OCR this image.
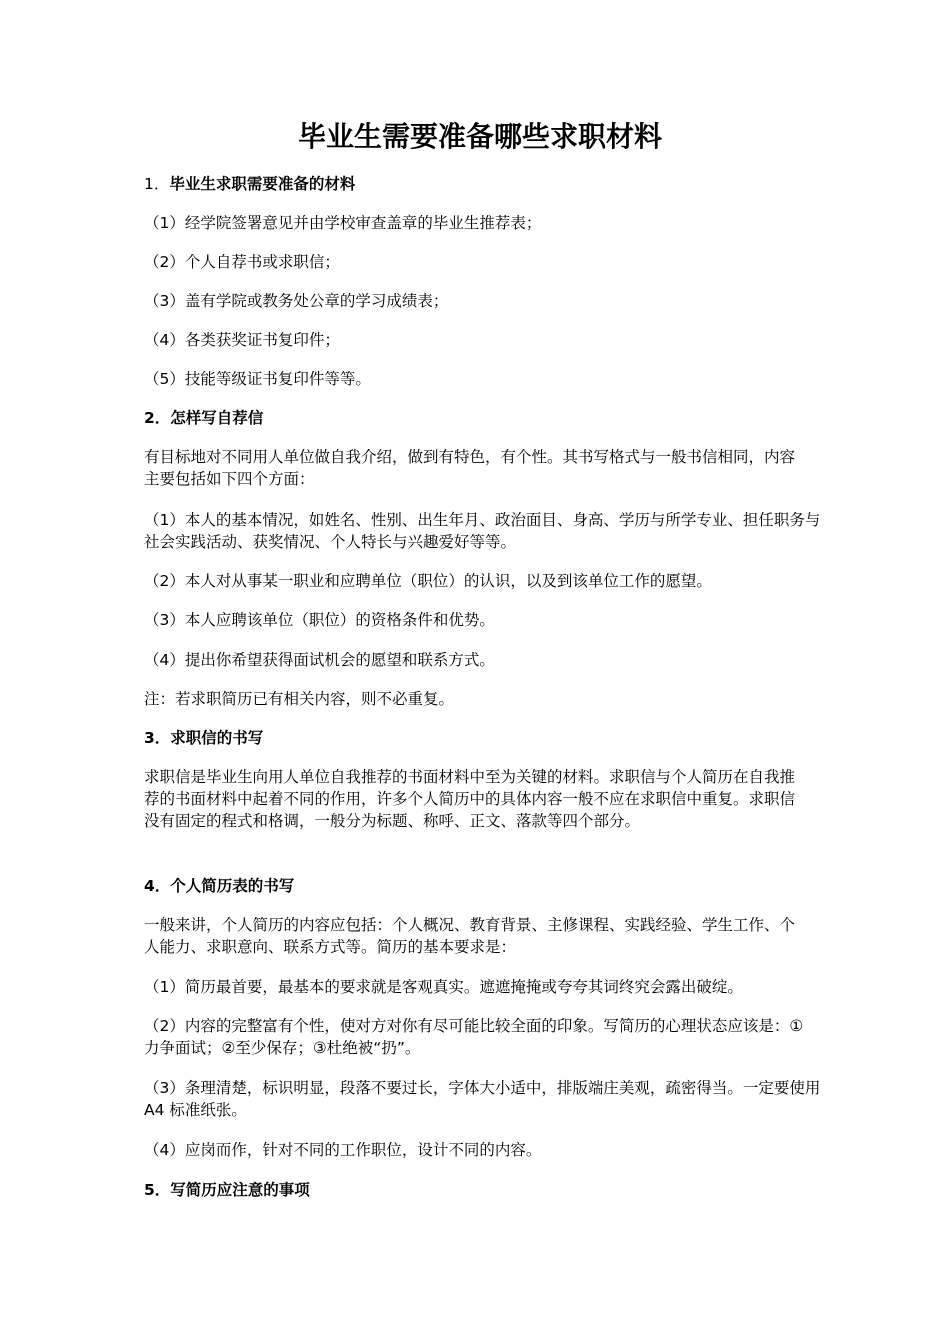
毕业生需要准备哪些求职材料

1．毕业生求职需要准备的材料

（1）经学院签署意见并由学校审查盖章的毕业生推荐表；

（2）个人自荐书或求职信；

（3）盖有学院或教务处公章的学习成绩表；

（4）各类获奖证书复印件；

（5）技能等级证书复印件等等。

2．怎样写自荐信

有目标地对不同用人单位做自我介绍，做到有特色，有个性。其书写格式与一般书信相同，内容主要包括如下四个方面：

（1）本人的基本情况，如姓名、性别、出生年月、政治面目、身高、学历与所学专业、担任职务与社会实践活动、获奖情况、个人特长与兴趣爱好等等。

（2）本人对从事某一职业和应聘单位（职位）的认识，以及到该单位工作的愿望。

（3）本人应聘该单位（职位）的资格条件和优势。

（4）提出你希望获得面试机会的愿望和联系方式。

注：若求职简历已有相关内容，则不必重复。

3．求职信的书写

求职信是毕业生向用人单位自我推荐的书面材料中至为关键的材料。求职信与个人简历在自我推荐的书面材料中起着不同的作用，许多个人简历中的具体内容一般不应在求职信中重复。求职信没有固定的程式和格调，一般分为标题、称呼、正文、落款等四个部分。

4．个人简历表的书写

一般来讲，个人简历的内容应包括：个人概况、教育背景、主修课程、实践经验、学生工作、个人能力、求职意向、联系方式等。简历的基本要求是：

（1）简历最首要，最基本的要求就是客观真实。遮遮掩掩或夸夸其词终究会露出破绽。

（2）内容的完整富有个性，使对方对你有尽可能比较全面的印象。写简历的心理状态应该是：①力争面试；②至少保存；③杜绝被“扔”。

（3）条理清楚，标识明显，段落不要过长，字体大小适中，排版端庄美观，疏密得当。一定要使用A4 标准纸张。

（4）应岗而作，针对不同的工作职位，设计不同的内容。

5．写简历应注意的事项
